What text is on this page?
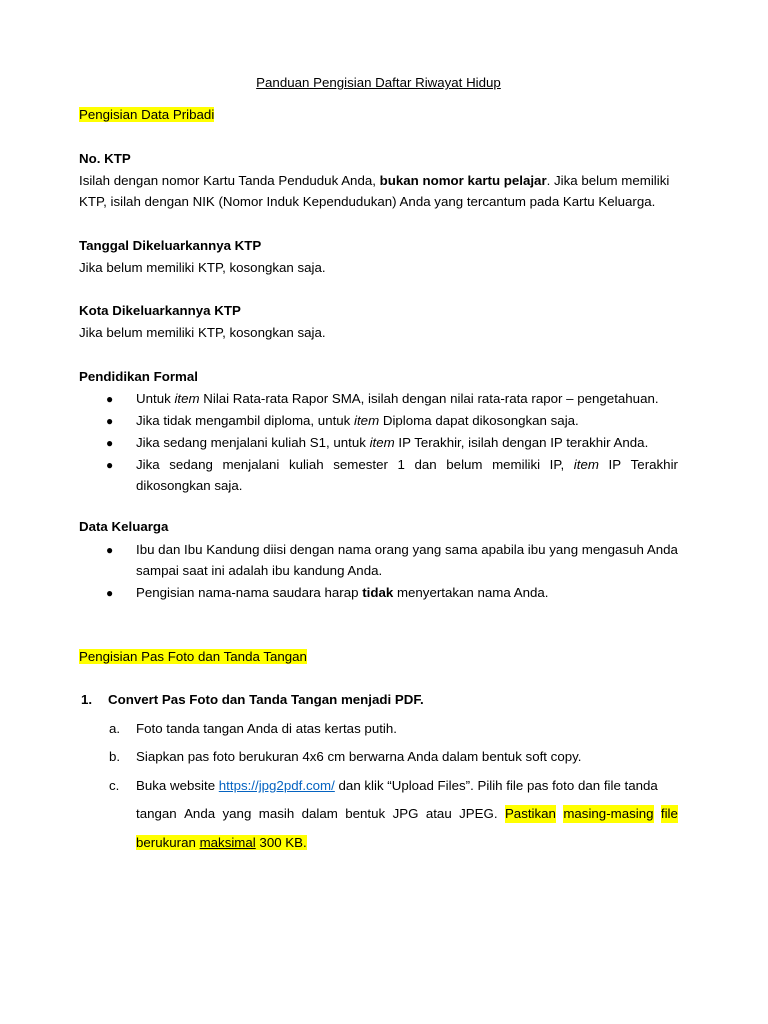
Panduan Pengisian Daftar Riwayat Hidup
Pengisian Data Pribadi
No. KTP
Isilah dengan nomor Kartu Tanda Penduduk Anda, bukan nomor kartu pelajar. Jika belum memiliki
KTP, isilah dengan NIK (Nomor Induk Kependudukan) Anda yang tercantum pada Kartu Keluarga.
Tanggal Dikeluarkannya KTP
Jika belum memiliki KTP, kosongkan saja.
Kota Dikeluarkannya KTP
Jika belum memiliki KTP, kosongkan saja.
Pendidikan Formal
● Untuk item Nilai Rata-rata Rapor SMA, isilah dengan nilai rata-rata rapor – pengetahuan.
● Jika tidak mengambil diploma, untuk item Diploma dapat dikosongkan saja.
● Jika sedang menjalani kuliah S1, untuk item IP Terakhir, isilah dengan IP terakhir Anda.
● Jika sedang menjalani kuliah semester 1 dan belum memiliki IP, item IP Terakhir
dikosongkan saja.
Data Keluarga
● Ibu dan Ibu Kandung diisi dengan nama orang yang sama apabila ibu yang mengasuh Anda
sampai saat ini adalah ibu kandung Anda.
● Pengisian nama-nama saudara harap tidak menyertakan nama Anda.
Pengisian Pas Foto dan Tanda Tangan
1. Convert Pas Foto dan Tanda Tangan menjadi PDF.
a. Foto tanda tangan Anda di atas kertas putih.
b. Siapkan pas foto berukuran 4x6 cm berwarna Anda dalam bentuk soft copy.
c. Buka website https://jpg2pdf.com/ dan klik “Upload Files”. Pilih file pas foto dan file tanda
tangan Anda yang masih dalam bentuk JPG atau JPEG. Pastikan masing-masing file
berukuran maksimal 300 KB.
